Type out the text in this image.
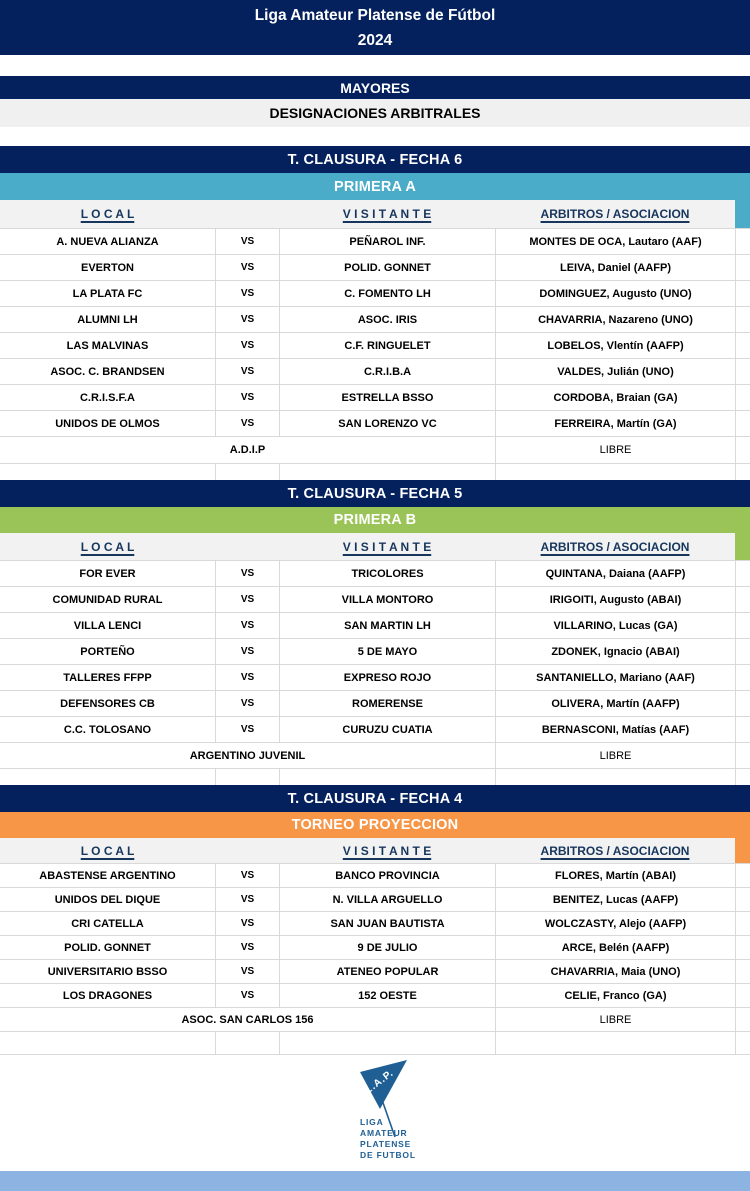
Liga Amateur Platense de Fútbol
2024
MAYORES
DESIGNACIONES ARBITRALES
T. CLAUSURA - FECHA 6
PRIMERA A
L O C A L	V I S I T A N T E	ARBITROS / ASOCIACION
A. NUEVA ALIANZA	VS	PEÑAROL INF.	MONTES DE OCA, Lautaro (AAF)
EVERTON	VS	POLID. GONNET	LEIVA, Daniel (AAFP)
LA PLATA FC	VS	C. FOMENTO LH	DOMINGUEZ, Augusto (UNO)
ALUMNI LH	VS	ASOC. IRIS	CHAVARRIA, Nazareno (UNO)
LAS MALVINAS	VS	C.F. RINGUELET	LOBELOS, Vlentín (AAFP)
ASOC. C. BRANDSEN	VS	C.R.I.B.A	VALDES, Julián (UNO)
C.R.I.S.F.A	VS	ESTRELLA BSSO	CORDOBA, Braian (GA)
UNIDOS DE OLMOS	VS	SAN LORENZO VC	FERREIRA, Martín (GA)
A.D.I.P	LIBRE
T. CLAUSURA - FECHA 5
PRIMERA B
L O C A L	V I S I T A N T E	ARBITROS / ASOCIACION
FOR EVER	VS	TRICOLORES	QUINTANA, Daiana (AAFP)
COMUNIDAD RURAL	VS	VILLA MONTORO	IRIGOITI, Augusto (ABAI)
VILLA LENCI	VS	SAN MARTIN LH	VILLARINO, Lucas (GA)
PORTEÑO	VS	5 DE MAYO	ZDONEK, Ignacio (ABAI)
TALLERES FFPP	VS	EXPRESO ROJO	SANTANIELLO, Mariano (AAF)
DEFENSORES CB	VS	ROMERENSE	OLIVERA, Martín (AAFP)
C.C. TOLOSANO	VS	CURUZU CUATIA	BERNASCONI, Matías (AAF)
ARGENTINO JUVENIL	LIBRE
T. CLAUSURA - FECHA 4
TORNEO PROYECCION
L O C A L	V I S I T A N T E	ARBITROS / ASOCIACION
ABASTENSE ARGENTINO	VS	BANCO PROVINCIA	FLORES, Martín (ABAI)
UNIDOS DEL DIQUE	VS	N. VILLA ARGUELLO	BENITEZ, Lucas (AAFP)
CRI CATELLA	VS	SAN JUAN BAUTISTA	WOLCZASTY, Alejo (AAFP)
POLID. GONNET	VS	9 DE JULIO	ARCE, Belén (AAFP)
UNIVERSITARIO BSSO	VS	ATENEO POPULAR	CHAVARRIA, Maia (UNO)
LOS DRAGONES	VS	152 OESTE	CELIE, Franco (GA)
ASOC. SAN CARLOS 156	LIBRE
L.A.P.
LIGA
AMATEUR
PLATENSE
DE FUTBOL
